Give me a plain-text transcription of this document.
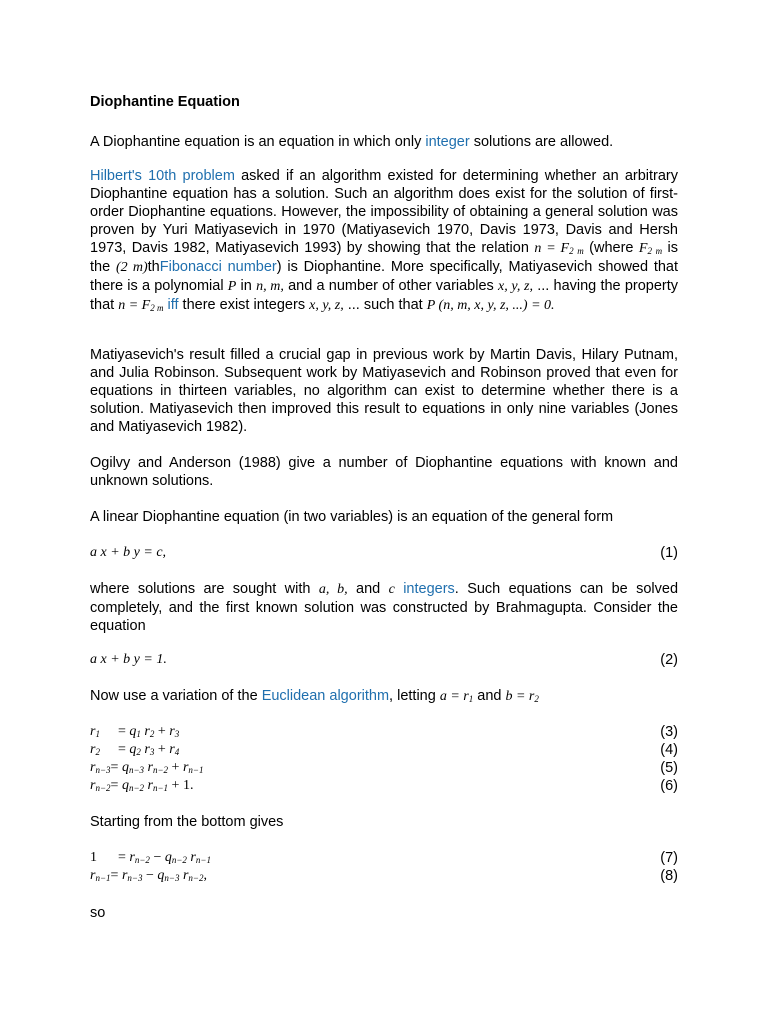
Diophantine Equation
A Diophantine equation is an equation in which only integer solutions are allowed.
Hilbert's 10th problem asked if an algorithm existed for determining whether an arbitrary Diophantine equation has a solution. Such an algorithm does exist for the solution of first-order Diophantine equations. However, the impossibility of obtaining a general solution was proven by Yuri Matiyasevich in 1970 (Matiyasevich 1970, Davis 1973, Davis and Hersh 1973, Davis 1982, Matiyasevich 1993) by showing that the relation $n = F_{2 m}$ (where $F_{2 m}$ is the (2 m)thFibonacci number) is Diophantine. More specifically, Matiyasevich showed that there is a polynomial P in n, m, and a number of other variables x, y, z, ... having the property that $n = F_{2 m}$ iff there exist integers x, y, z, ... such that P (n, m, x, y, z, ...) = 0.
Matiyasevich's result filled a crucial gap in previous work by Martin Davis, Hilary Putnam, and Julia Robinson. Subsequent work by Matiyasevich and Robinson proved that even for equations in thirteen variables, no algorithm can exist to determine whether there is a solution. Matiyasevich then improved this result to equations in only nine variables (Jones and Matiyasevich 1982).
Ogilvy and Anderson (1988) give a number of Diophantine equations with known and unknown solutions.
A linear Diophantine equation (in two variables) is an equation of the general form
a x + b y = c,	(1)
where solutions are sought with a, b, and c integers. Such equations can be solved completely, and the first known solution was constructed by Brahmagupta. Consider the equation
a x + b y = 1.	(2)
Now use a variation of the Euclidean algorithm, letting $a = r_1$ and $b = r_2$
$r_1 = q_1$ $r_2 + r_3$	(3)
$r_2 = q_2$ $r_3 + r_4$	(4)
$r_{n-3}= q_{n-3}$ $r_{n-2} + r_{n-1}$	(5)
$r_{n-2}= q_{n-2}$ $r_{n-1} + 1$.	(6)
Starting from the bottom gives
$1 = r_{n-2} - q_{n-2}$ $r_{n-1}$	(7)
$r_{n-1}= r_{n-3} - q_{n-3}$ $r_{n-2}$,	(8)
so
